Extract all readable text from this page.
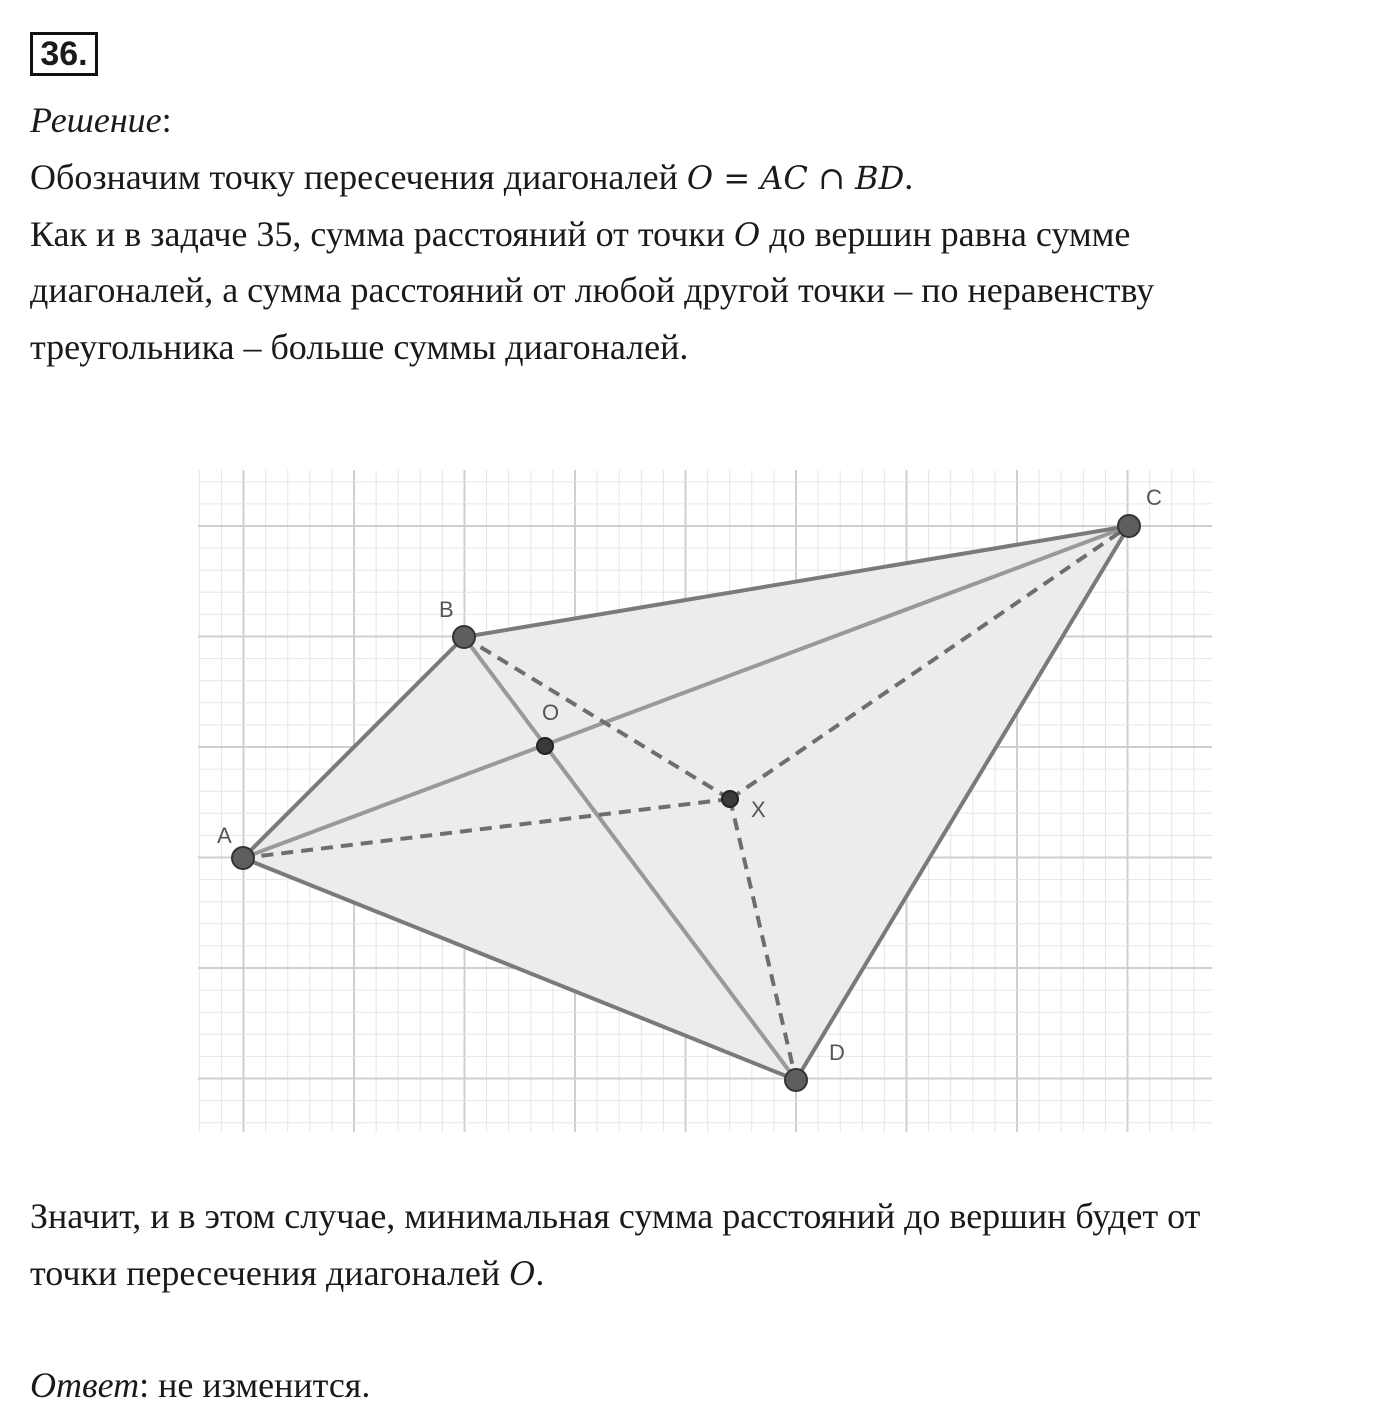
36.
Решение:
Обозначим точку пересечения диагоналей O = AC ∩ BD.
Как и в задаче 35, сумма расстояний от точки O до вершин равна сумме
диагоналей, а сумма расстояний от любой другой точки – по неравенству
треугольника – больше суммы диагоналей.
A
B
C
D
O
X
Значит, и в этом случае, минимальная сумма расстояний до вершин будет от
точки пересечения диагоналей O.
Ответ: не изменится.
